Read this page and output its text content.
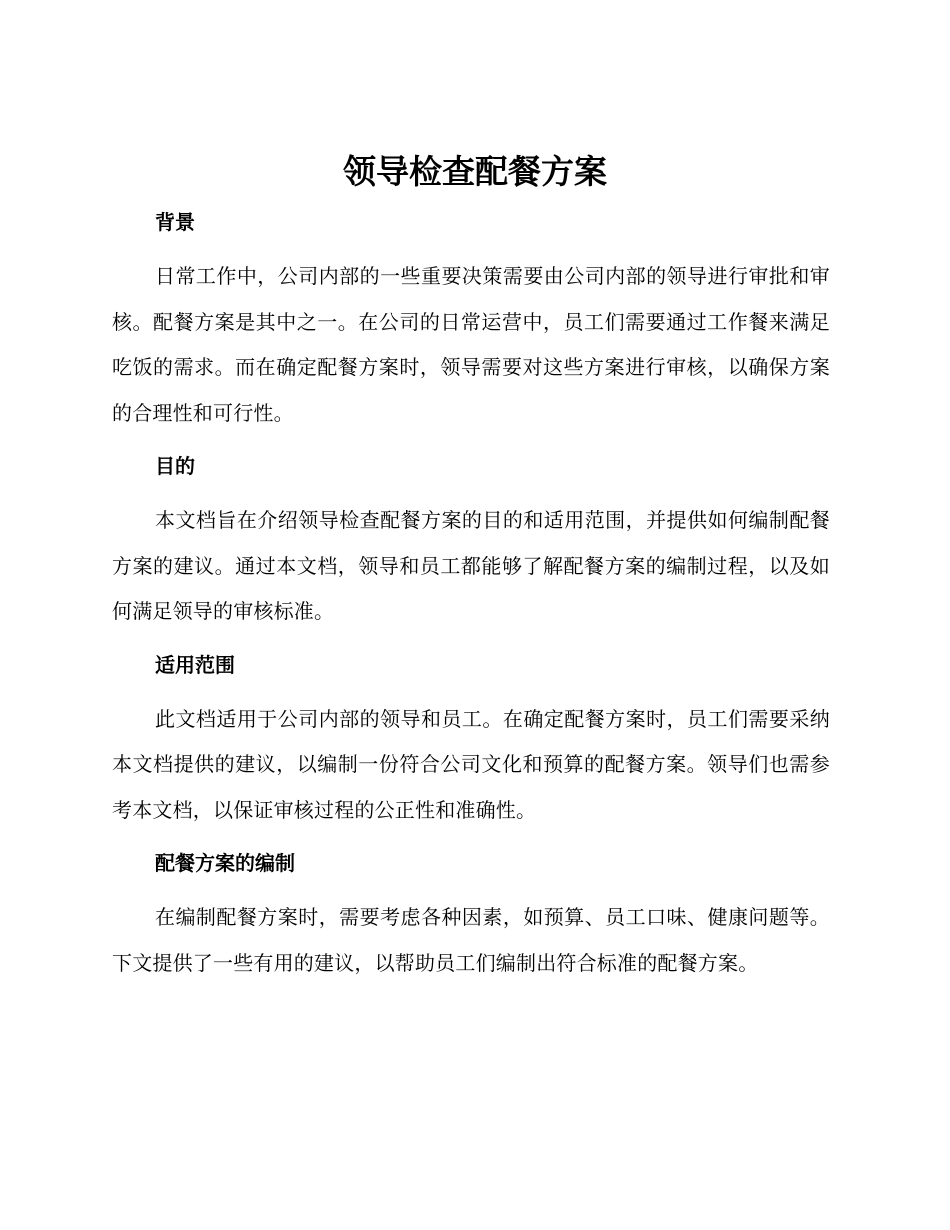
领导检查配餐方案
背景

日常工作中，公司内部的一些重要决策需要由公司内部的领导进行审批和审核。配餐方案是其中之一。在公司的日常运营中，员工们需要通过工作餐来满足吃饭的需求。而在确定配餐方案时，领导需要对这些方案进行审核，以确保方案的合理性和可行性。

目的

本文档旨在介绍领导检查配餐方案的目的和适用范围，并提供如何编制配餐方案的建议。通过本文档，领导和员工都能够了解配餐方案的编制过程，以及如何满足领导的审核标准。

适用范围

此文档适用于公司内部的领导和员工。在确定配餐方案时，员工们需要采纳本文档提供的建议，以编制一份符合公司文化和预算的配餐方案。领导们也需参考本文档，以保证审核过程的公正性和准确性。

配餐方案的编制

在编制配餐方案时，需要考虑各种因素，如预算、员工口味、健康问题等。下文提供了一些有用的建议，以帮助员工们编制出符合标准的配餐方案。
